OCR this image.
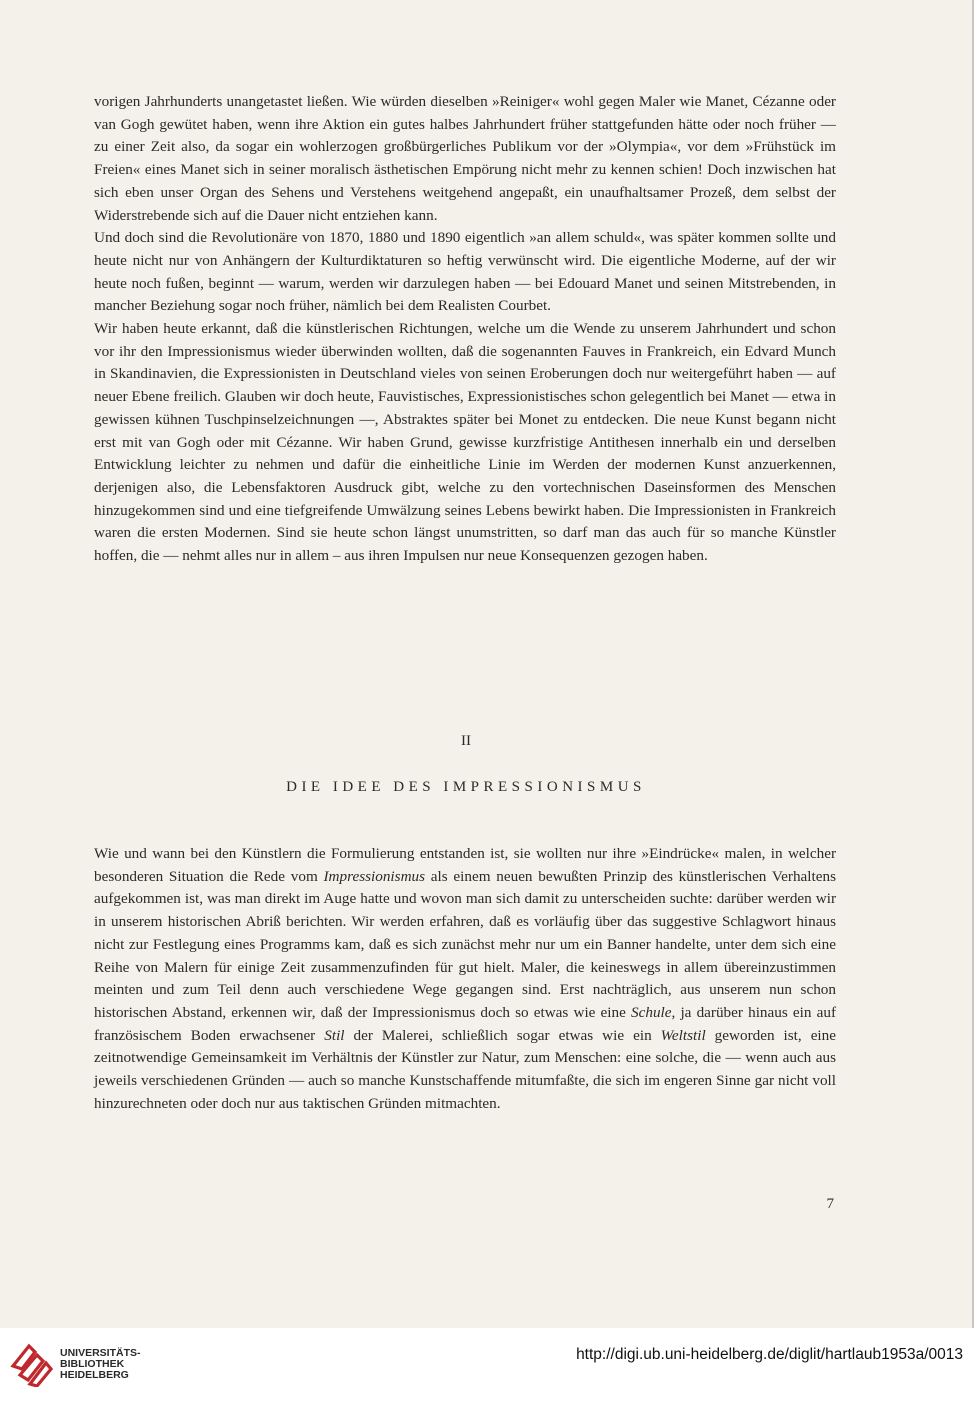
vorigen Jahrhunderts unangetastet ließen. Wie würden dieselben »Reiniger« wohl gegen Maler wie Manet, Cézanne oder van Gogh gewütet haben, wenn ihre Aktion ein gutes halbes Jahrhundert früher stattgefunden hätte oder noch früher — zu einer Zeit also, da sogar ein wohlerzogen großbürgerliches Publikum vor der »Olympia«, vor dem »Frühstück im Freien« eines Manet sich in seiner moralisch ästhetischen Empörung nicht mehr zu kennen schien! Doch inzwischen hat sich eben unser Organ des Sehens und Verstehens weitgehend angepaßt, ein unaufhaltsamer Prozeß, dem selbst der Widerstrebende sich auf die Dauer nicht entziehen kann.

Und doch sind die Revolutionäre von 1870, 1880 und 1890 eigentlich »an allem schuld«, was später kommen sollte und heute nicht nur von Anhängern der Kulturdiktaturen so heftig verwünscht wird. Die eigentliche Moderne, auf der wir heute noch fußen, beginnt — warum, werden wir darzulegen haben — bei Edouard Manet und seinen Mitstrebenden, in mancher Beziehung sogar noch früher, nämlich bei dem Realisten Courbet.

Wir haben heute erkannt, daß die künstlerischen Richtungen, welche um die Wende zu unserem Jahrhundert und schon vor ihr den Impressionismus wieder überwinden wollten, daß die sogenannten Fauves in Frankreich, ein Edvard Munch in Skandinavien, die Expressionisten in Deutschland vieles von seinen Eroberungen doch nur weitergeführt haben — auf neuer Ebene freilich. Glauben wir doch heute, Fauvistisches, Expressionistisches schon gelegentlich bei Manet — etwa in gewissen kühnen Tuschpinselzeichnungen —, Abstraktes später bei Monet zu entdecken. Die neue Kunst begann nicht erst mit van Gogh oder mit Cézanne. Wir haben Grund, gewisse kurzfristige Antithesen innerhalb ein und derselben Entwicklung leichter zu nehmen und dafür die einheitliche Linie im Werden der modernen Kunst anzuerkennen, derjenigen also, die Lebensfaktoren Ausdruck gibt, welche zu den vortechnischen Daseinsformen des Menschen hinzugekommen sind und eine tiefgreifende Umwälzung seines Lebens bewirkt haben. Die Impressionisten in Frankreich waren die ersten Modernen. Sind sie heute schon längst unumstritten, so darf man das auch für so manche Künstler hoffen, die — nehmt alles nur in allem – aus ihren Impulsen nur neue Konsequenzen gezogen haben.

II
DIE IDEE DES IMPRESSIONISMUS

Wie und wann bei den Künstlern die Formulierung entstanden ist, sie wollten nur ihre »Eindrücke« malen, in welcher besonderen Situation die Rede vom Impressionismus als einem neuen bewußten Prinzip des künstlerischen Verhaltens aufgekommen ist, was man direkt im Auge hatte und wovon man sich damit zu unterscheiden suchte: darüber werden wir in unserem historischen Abriß berichten. Wir werden erfahren, daß es vorläufig über das suggestive Schlagwort hinaus nicht zur Festlegung eines Programms kam, daß es sich zunächst mehr nur um ein Banner handelte, unter dem sich eine Reihe von Malern für einige Zeit zusammenzufinden für gut hielt. Maler, die keineswegs in allem übereinzustimmen meinten und zum Teil denn auch verschiedene Wege gegangen sind. Erst nachträglich, aus unserem nun schon historischen Abstand, erkennen wir, daß der Impressionismus doch so etwas wie eine Schule, ja darüber hinaus ein auf französischem Boden erwachsener Stil der Malerei, schließlich sogar etwas wie ein Weltstil geworden ist, eine zeitnotwendige Gemeinsamkeit im Verhältnis der Künstler zur Natur, zum Menschen: eine solche, die — wenn auch aus jeweils verschiedenen Gründen — auch so manche Kunstschaffende mitumfaßte, die sich im engeren Sinne gar nicht voll hinzurechneten oder doch nur aus taktischen Gründen mitmachten.

7
UNIVERSITÄTS-
BIBLIOTHEK
HEIDELBERG
http://digi.ub.uni-heidelberg.de/diglit/hartlaub1953a/0013
